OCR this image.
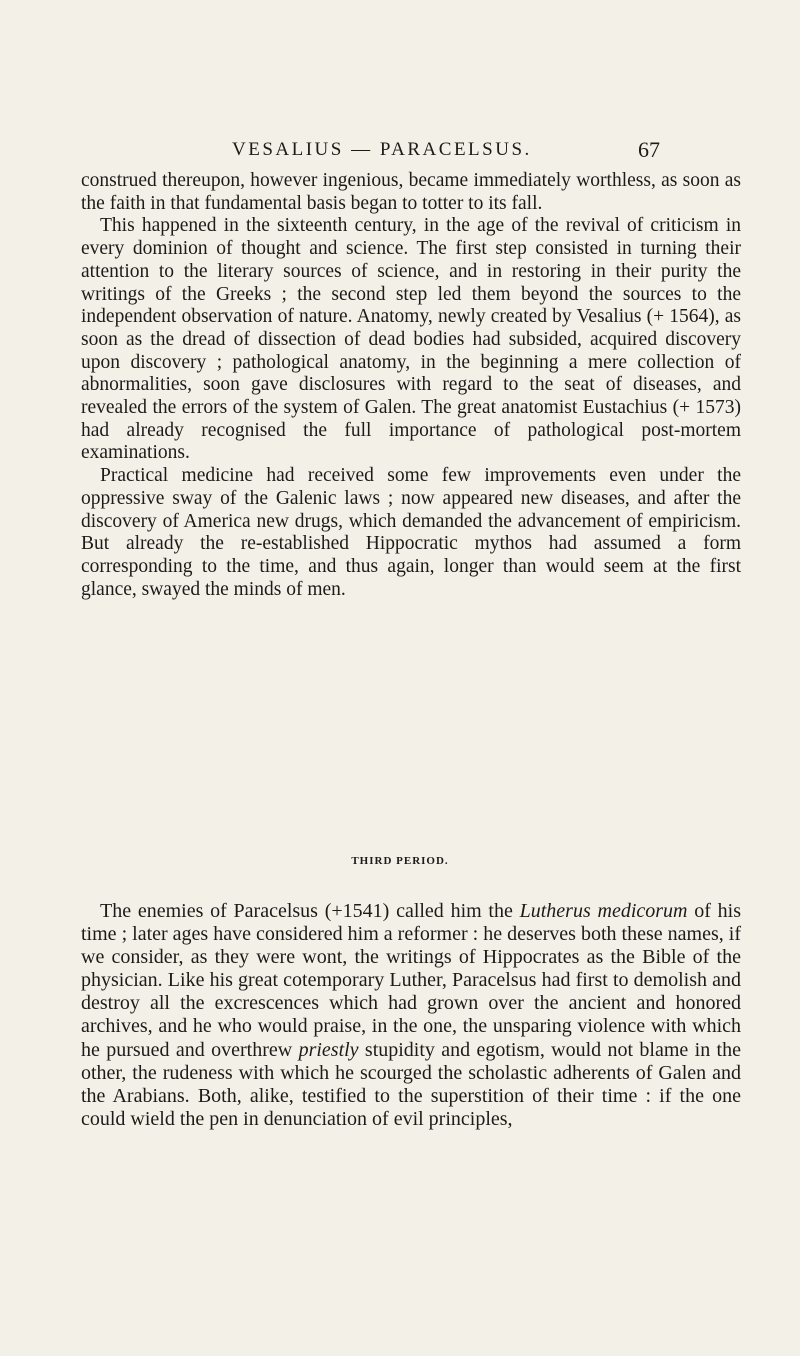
VESALIUS — PARACELSUS.	67

construed thereupon, however ingenious, became immediately worthless, as soon as the faith in that fundamental basis began to totter to its fall.

This happened in the sixteenth century, in the age of the revival of criticism in every dominion of thought and science. The first step consisted in turning their attention to the literary sources of science, and in restoring in their purity the writings of the Greeks ; the second step led them beyond the sources to the independent observation of nature. Anatomy, newly created by Vesalius (+ 1564), as soon as the dread of dissection of dead bodies had subsided, acquired discovery upon discovery ; pathological anatomy, in the beginning a mere collection of abnormalities, soon gave disclosures with regard to the seat of diseases, and revealed the errors of the system of Galen. The great anatomist Eustachius (+ 1573) had already recognised the full importance of pathological post-mortem examinations.

Practical medicine had received some few improvements even under the oppressive sway of the Galenic laws ; now appeared new diseases, and after the discovery of America new drugs, which demanded the advancement of empiricism. But already the re-established Hippocratic mythos had assumed a form corresponding to the time, and thus again, longer than would seem at the first glance, swayed the minds of men.

THIRD PERIOD.

The enemies of Paracelsus (+1541) called him the Lutherus medicorum of his time ; later ages have considered him a reformer : he deserves both these names, if we consider, as they were wont, the writings of Hippocrates as the Bible of the physician. Like his great cotemporary Luther, Paracelsus had first to demolish and destroy all the excrescences which had grown over the ancient and honored archives, and he who would praise, in the one, the unsparing violence with which he pursued and overthrew priestly stupidity and egotism, would not blame in the other, the rudeness with which he scourged the scholastic adherents of Galen and the Arabians. Both, alike, testified to the superstition of their time : if the one could wield the pen in denunciation of evil principles,
